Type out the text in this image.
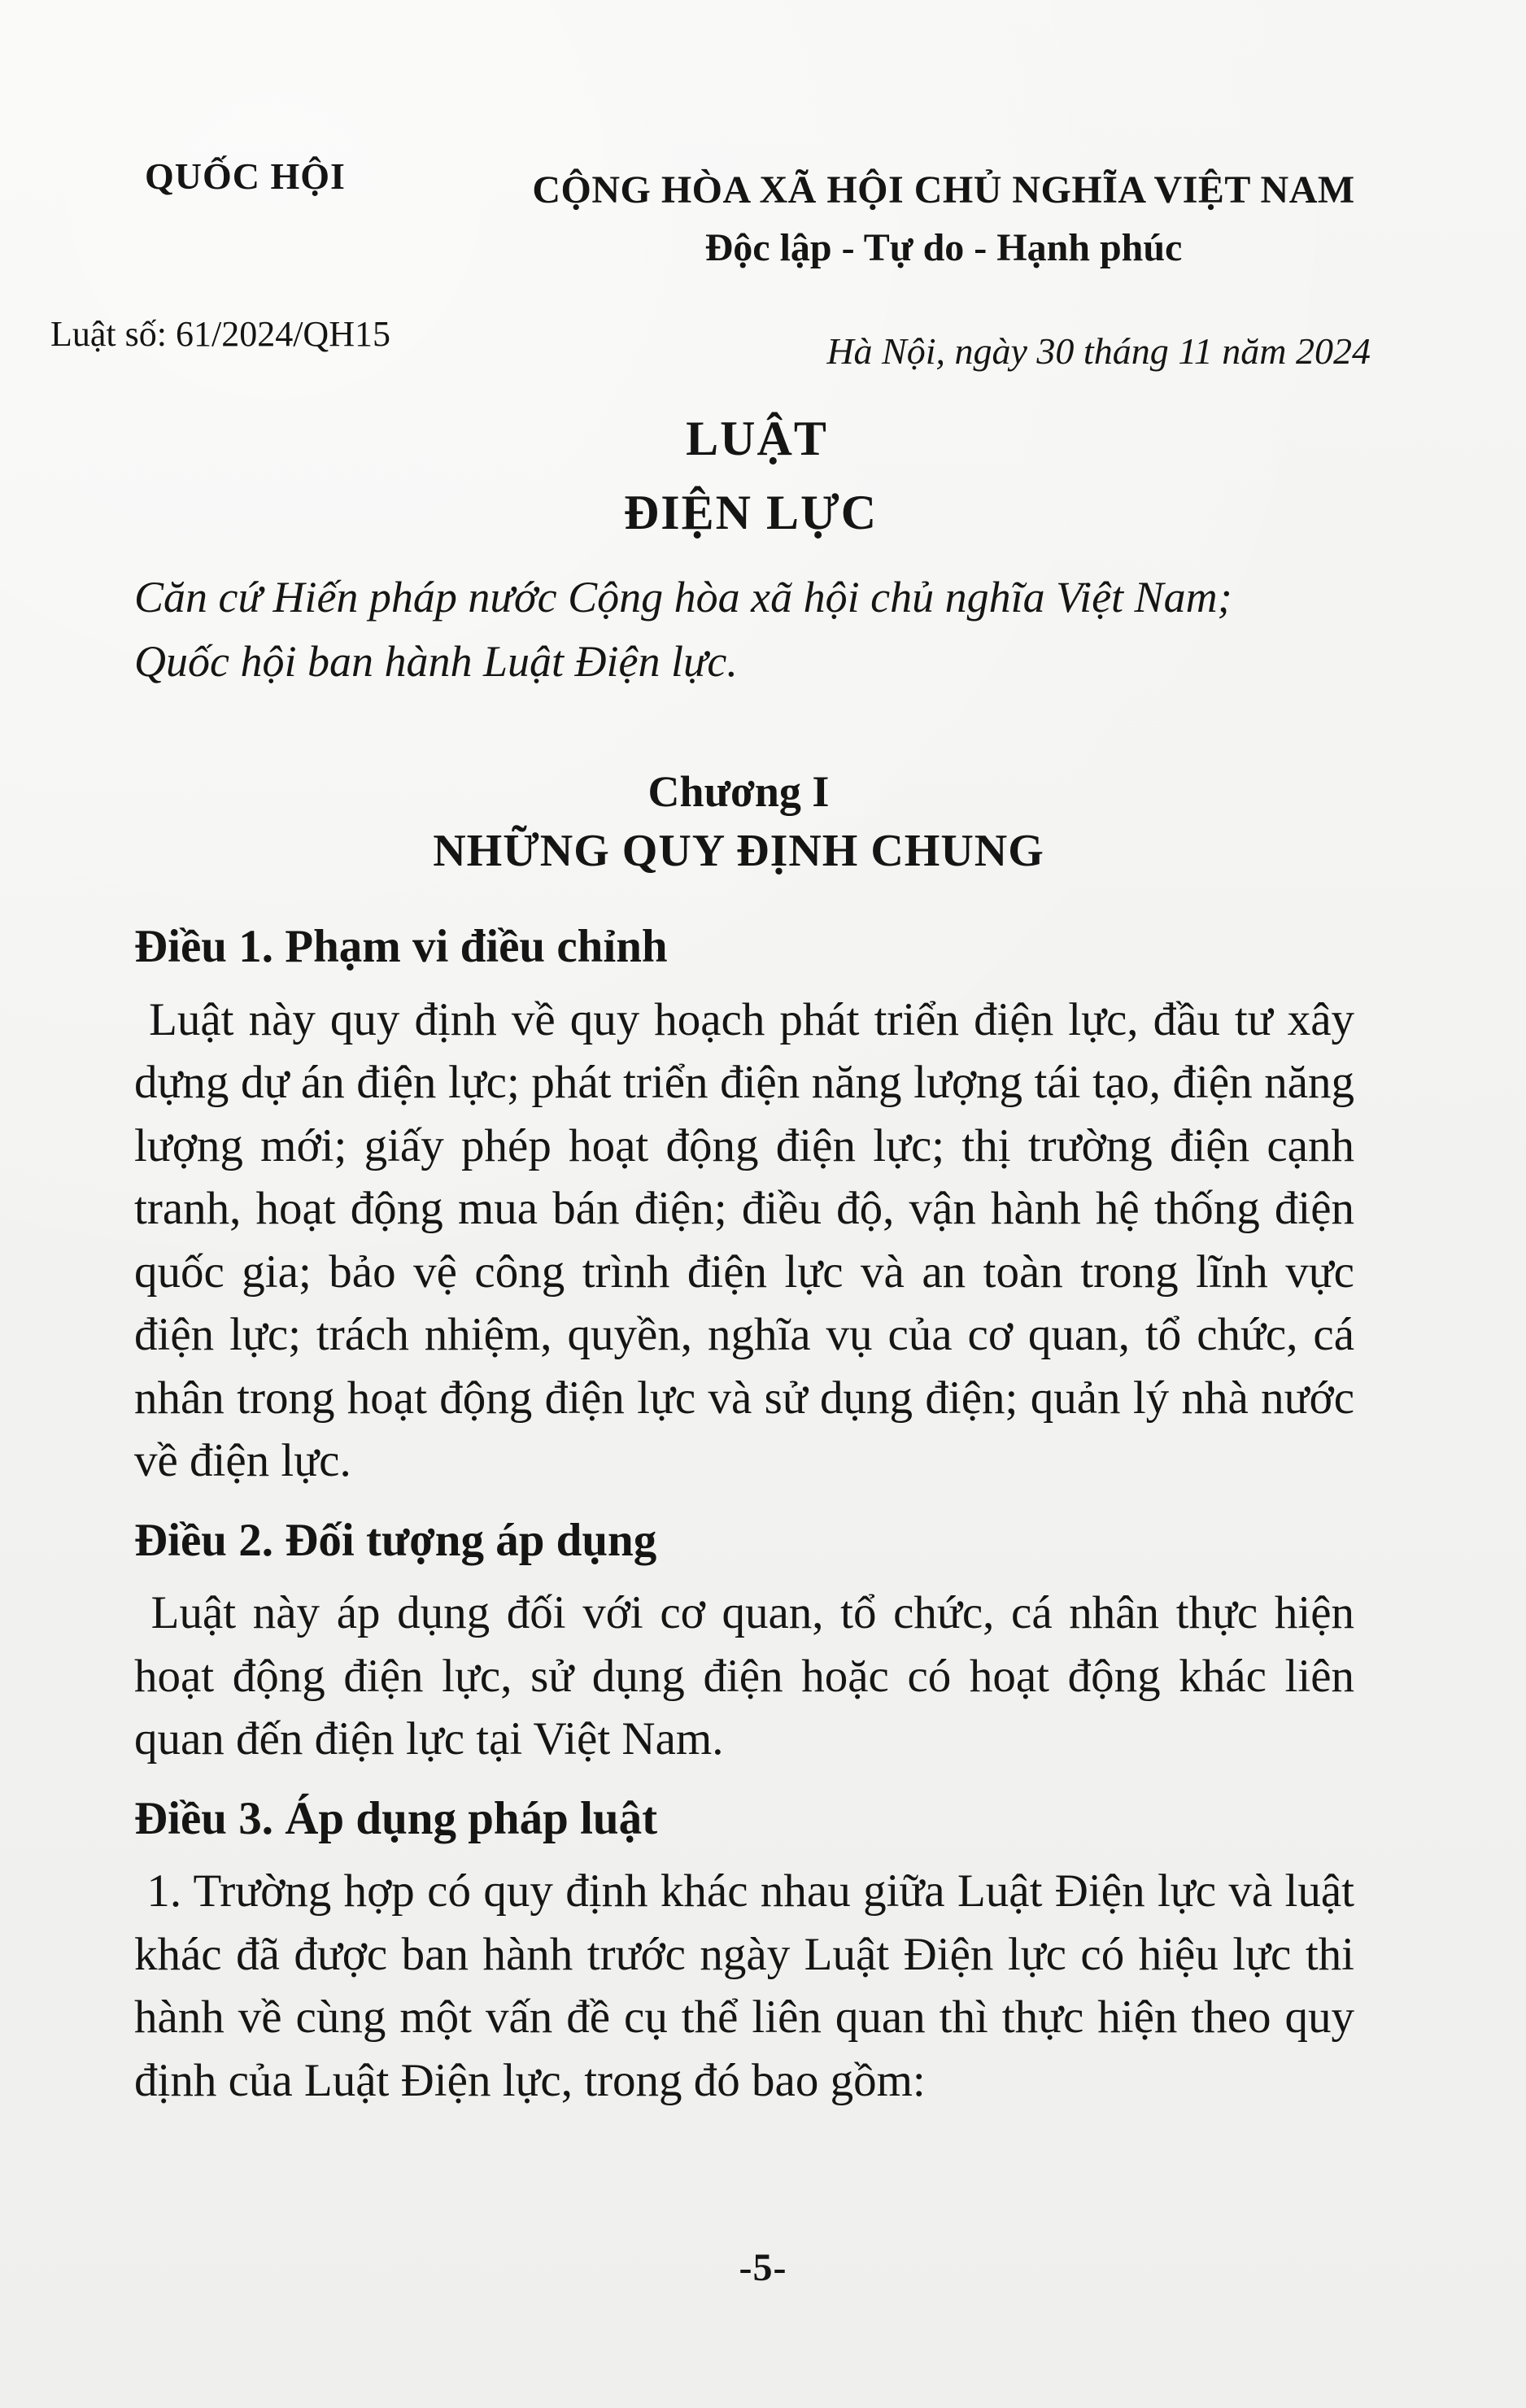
QUỐC HỘI	CỘNG HÒA XÃ HỘI CHỦ NGHĨA VIỆT NAM
Độc lập - Tự do - Hạnh phúc
Luật số: 61/2024/QH15	Hà Nội, ngày 30 tháng 11 năm 2024
LUẬT
ĐIỆN LỰC
Căn cứ Hiến pháp nước Cộng hòa xã hội chủ nghĩa Việt Nam;
Quốc hội ban hành Luật Điện lực.
Chương I
NHỮNG QUY ĐỊNH CHUNG
Điều 1. Phạm vi điều chỉnh

Luật này quy định về quy hoạch phát triển điện lực, đầu tư xây dựng dự án điện lực; phát triển điện năng lượng tái tạo, điện năng lượng mới; giấy phép hoạt động điện lực; thị trường điện cạnh tranh, hoạt động mua bán điện; điều độ, vận hành hệ thống điện quốc gia; bảo vệ công trình điện lực và an toàn trong lĩnh vực điện lực; trách nhiệm, quyền, nghĩa vụ của cơ quan, tổ chức, cá nhân trong hoạt động điện lực và sử dụng điện; quản lý nhà nước về điện lực.

Điều 2. Đối tượng áp dụng

Luật này áp dụng đối với cơ quan, tổ chức, cá nhân thực hiện hoạt động điện lực, sử dụng điện hoặc có hoạt động khác liên quan đến điện lực tại Việt Nam.

Điều 3. Áp dụng pháp luật

1. Trường hợp có quy định khác nhau giữa Luật Điện lực và luật khác đã được ban hành trước ngày Luật Điện lực có hiệu lực thi hành về cùng một vấn đề cụ thể liên quan thì thực hiện theo quy định của Luật Điện lực, trong đó bao gồm:

-5-
